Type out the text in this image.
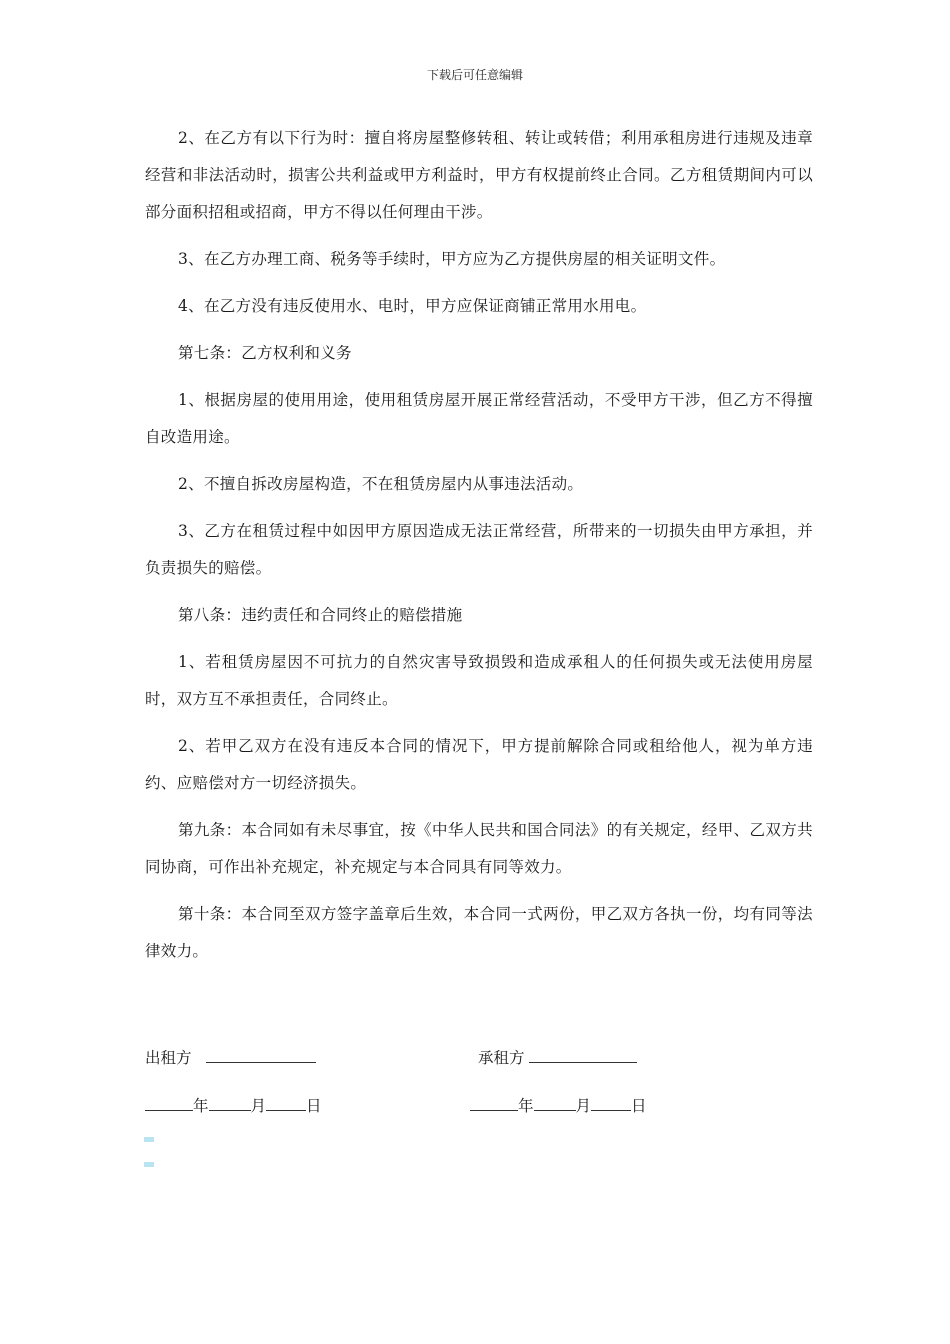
下载后可任意编辑

2、在乙方有以下行为时：擅自将房屋整修转租、转让或转借；利用承租房进行违规及违章经营和非法活动时，损害公共利益或甲方利益时，甲方有权提前终止合同。乙方租赁期间内可以部分面积招租或招商，甲方不得以任何理由干涉。

3、在乙方办理工商、税务等手续时，甲方应为乙方提供房屋的相关证明文件。

4、在乙方没有违反使用水、电时，甲方应保证商铺正常用水用电。

第七条：乙方权利和义务

1、根据房屋的使用用途，使用租赁房屋开展正常经营活动，不受甲方干涉，但乙方不得擅自改造用途。

2、不擅自拆改房屋构造，不在租赁房屋内从事违法活动。

3、乙方在租赁过程中如因甲方原因造成无法正常经营，所带来的一切损失由甲方承担，并负责损失的赔偿。

第八条：违约责任和合同终止的赔偿措施

1、若租赁房屋因不可抗力的自然灾害导致损毁和造成承租人的任何损失或无法使用房屋时，双方互不承担责任，合同终止。

2、若甲乙双方在没有违反本合同的情况下，甲方提前解除合同或租给他人，视为单方违约、应赔偿对方一切经济损失。

第九条：本合同如有未尽事宜，按《中华人民共和国合同法》的有关规定，经甲、乙双方共同协商，可作出补充规定，补充规定与本合同具有同等效力。

第十条：本合同至双方签字盖章后生效，本合同一式两份，甲乙双方各执一份，均有同等法律效力。

出租方	承租方
年	月	日	年	月	日
